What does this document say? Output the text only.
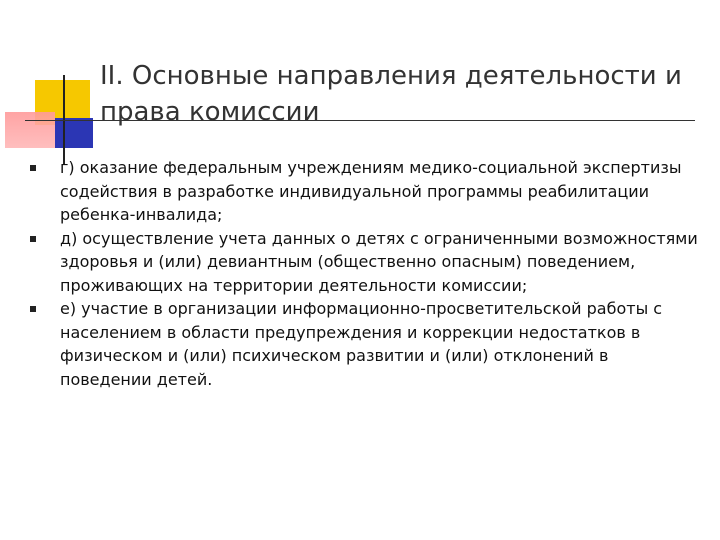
II. Основные направления деятельности и права комиссии
г) оказание федеральным учреждениям медико-социальной экспертизы содействия в разработке индивидуальной программы реабилитации ребенка-инвалида;
д) осуществление учета данных о детях с ограниченными возможностями здоровья и (или) девиантным (общественно опасным) поведением, проживающих на территории деятельности комиссии;
е) участие в организации информационно-просветительской работы с населением в области предупреждения и коррекции недостатков в физическом и (или) психическом развитии и (или) отклонений в поведении детей.
